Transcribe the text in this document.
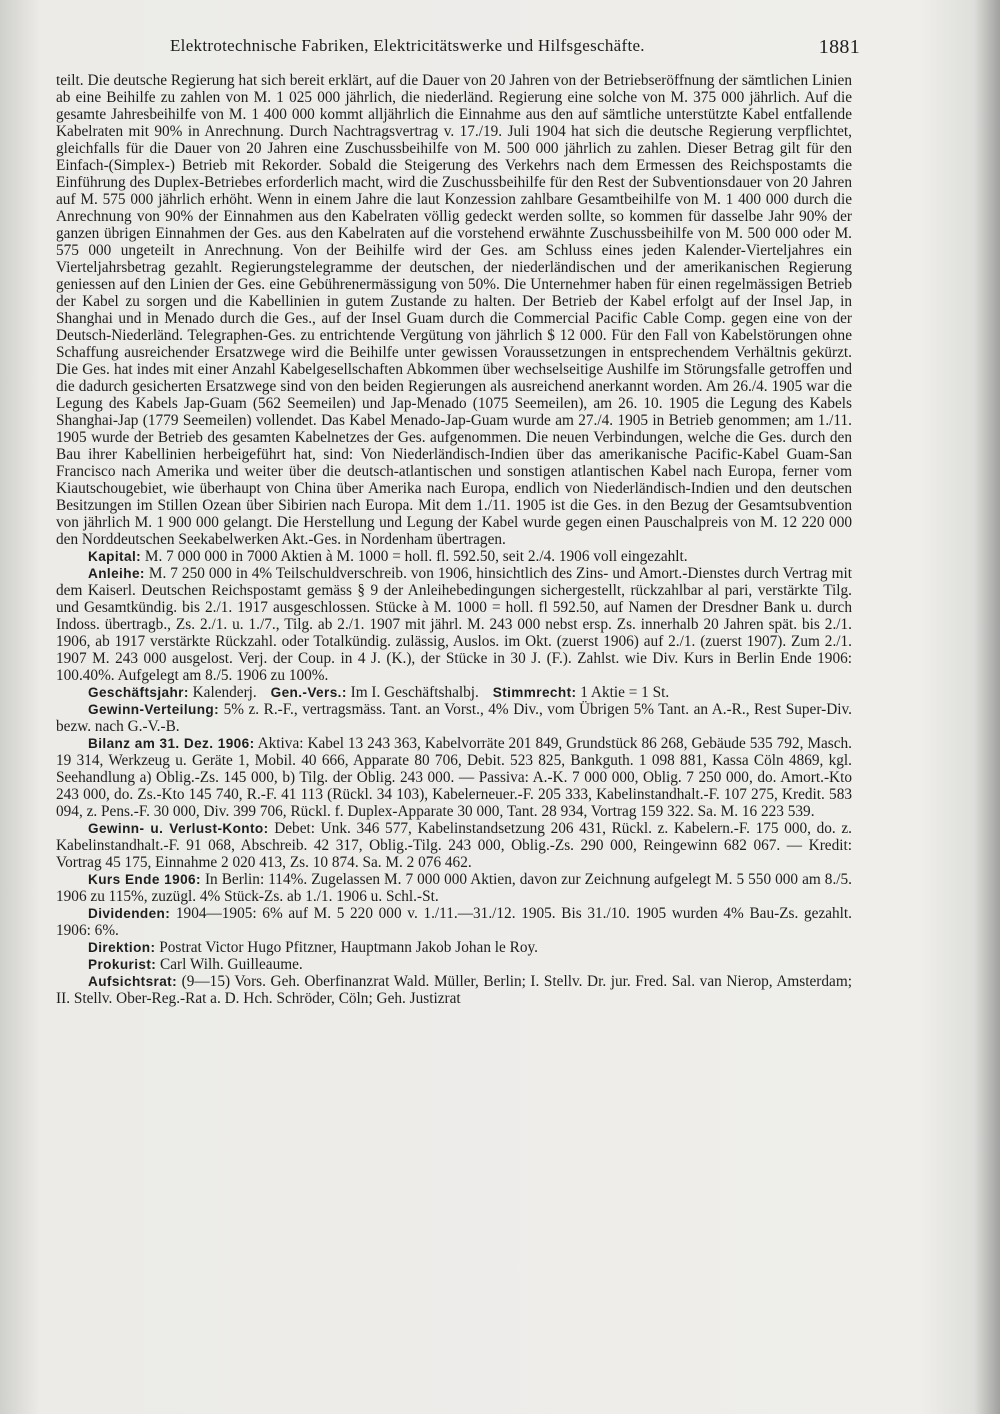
Elektrotechnische Fabriken, Elektricitätswerke und Hilfsgeschäfte.	1881

teilt. Die deutsche Regierung hat sich bereit erklärt, auf die Dauer von 20 Jahren von der Betriebseröffnung der sämtlichen Linien ab eine Beihilfe zu zahlen von M. 1 025 000 jährlich, die niederländ. Regierung eine solche von M. 375 000 jährlich. Auf die gesamte Jahresbeihilfe von M. 1 400 000 kommt alljährlich die Einnahme aus den auf sämtliche unterstützte Kabel entfallende Kabelraten mit 90% in Anrechnung. Durch Nachtragsvertrag v. 17./19. Juli 1904 hat sich die deutsche Regierung verpflichtet, gleichfalls für die Dauer von 20 Jahren eine Zuschussbeihilfe von M. 500 000 jährlich zu zahlen. Dieser Betrag gilt für den Einfach-(Simplex-) Betrieb mit Rekorder. Sobald die Steigerung des Verkehrs nach dem Ermessen des Reichspostamts die Einführung des Duplex-Betriebes erforderlich macht, wird die Zuschussbeihilfe für den Rest der Subventionsdauer von 20 Jahren auf M. 575 000 jährlich erhöht. Wenn in einem Jahre die laut Konzession zahlbare Gesamtbeihilfe von M. 1 400 000 durch die Anrechnung von 90% der Einnahmen aus den Kabelraten völlig gedeckt werden sollte, so kommen für dasselbe Jahr 90% der ganzen übrigen Einnahmen der Ges. aus den Kabelraten auf die vorstehend erwähnte Zuschussbeihilfe von M. 500 000 oder M. 575 000 ungeteilt in Anrechnung. Von der Beihilfe wird der Ges. am Schluss eines jeden Kalender-Vierteljahres ein Vierteljahrsbetrag gezahlt. Regierungstelegramme der deutschen, der niederländischen und der amerikanischen Regierung geniessen auf den Linien der Ges. eine Gebührenermässigung von 50%. Die Unternehmer haben für einen regelmässigen Betrieb der Kabel zu sorgen und die Kabellinien in gutem Zustande zu halten. Der Betrieb der Kabel erfolgt auf der Insel Jap, in Shanghai und in Menado durch die Ges., auf der Insel Guam durch die Commercial Pacific Cable Comp. gegen eine von der Deutsch-Niederländ. Telegraphen-Ges. zu entrichtende Vergütung von jährlich $ 12 000. Für den Fall von Kabelstörungen ohne Schaffung ausreichender Ersatzwege wird die Beihilfe unter gewissen Voraussetzungen in entsprechendem Verhältnis gekürzt. Die Ges. hat indes mit einer Anzahl Kabelgesellschaften Abkommen über wechselseitige Aushilfe im Störungsfalle getroffen und die dadurch gesicherten Ersatzwege sind von den beiden Regierungen als ausreichend anerkannt worden. Am 26./4. 1905 war die Legung des Kabels Jap-Guam (562 Seemeilen) und Jap-Menado (1075 Seemeilen), am 26. 10. 1905 die Legung des Kabels Shanghai-Jap (1779 Seemeilen) vollendet. Das Kabel Menado-Jap-Guam wurde am 27./4. 1905 in Betrieb genommen; am 1./11. 1905 wurde der Betrieb des gesamten Kabelnetzes der Ges. aufgenommen. Die neuen Verbindungen, welche die Ges. durch den Bau ihrer Kabellinien herbeigeführt hat, sind: Von Niederländisch-Indien über das amerikanische Pacific-Kabel Guam-San Francisco nach Amerika und weiter über die deutsch-atlantischen und sonstigen atlantischen Kabel nach Europa, ferner vom Kiautschougebiet, wie überhaupt von China über Amerika nach Europa, endlich von Niederländisch-Indien und den deutschen Besitzungen im Stillen Ozean über Sibirien nach Europa. Mit dem 1./11. 1905 ist die Ges. in den Bezug der Gesamtsubvention von jährlich M. 1 900 000 gelangt. Die Herstellung und Legung der Kabel wurde gegen einen Pauschalpreis von M. 12 220 000 den Norddeutschen Seekabelwerken Akt.-Ges. in Nordenham übertragen.

Kapital: M. 7 000 000 in 7000 Aktien à M. 1000 = holl. fl. 592.50, seit 2./4. 1906 voll eingezahlt.

Anleihe: M. 7 250 000 in 4% Teilschuldverschreib. von 1906, hinsichtlich des Zins- und Amort.-Dienstes durch Vertrag mit dem Kaiserl. Deutschen Reichspostamt gemäss § 9 der Anleihebedingungen sichergestellt, rückzahlbar al pari, verstärkte Tilg. und Gesamtkündig. bis 2./1. 1917 ausgeschlossen. Stücke à M. 1000 = holl. fl 592.50, auf Namen der Dresdner Bank u. durch Indoss. übertragb., Zs. 2./1. u. 1./7., Tilg. ab 2./1. 1907 mit jährl. M. 243 000 nebst ersp. Zs. innerhalb 20 Jahren spät. bis 2./1. 1906, ab 1917 verstärkte Rückzahl. oder Totalkündig. zulässig, Auslos. im Okt. (zuerst 1906) auf 2./1. (zuerst 1907). Zum 2./1. 1907 M. 243 000 ausgelost. Verj. der Coup. in 4 J. (K.), der Stücke in 30 J. (F.). Zahlst. wie Div. Kurs in Berlin Ende 1906: 100.40%. Aufgelegt am 8./5. 1906 zu 100%.

Geschäftsjahr: Kalenderj. Gen.-Vers.: Im I. Geschäftshalbj. Stimmrecht: 1 Aktie = 1 St.

Gewinn-Verteilung: 5% z. R.-F., vertragsmäss. Tant. an Vorst., 4% Div., vom Übrigen 5% Tant. an A.-R., Rest Super-Div. bezw. nach G.-V.-B.

Bilanz am 31. Dez. 1906: Aktiva: Kabel 13 243 363, Kabelvorräte 201 849, Grundstück 86 268, Gebäude 535 792, Masch. 19 314, Werkzeug u. Geräte 1, Mobil. 40 666, Apparate 80 706, Debit. 523 825, Bankguth. 1 098 881, Kassa Cöln 4869, kgl. Seehandlung a) Oblig.-Zs. 145 000, b) Tilg. der Oblig. 243 000. — Passiva: A.-K. 7 000 000, Oblig. 7 250 000, do. Amort.-Kto 243 000, do. Zs.-Kto 145 740, R.-F. 41 113 (Rückl. 34 103), Kabelerneuer.-F. 205 333, Kabelinstandhalt.-F. 107 275, Kredit. 583 094, z. Pens.-F. 30 000, Div. 399 706, Rückl. f. Duplex-Apparate 30 000, Tant. 28 934, Vortrag 159 322. Sa. M. 16 223 539.

Gewinn- u. Verlust-Konto: Debet: Unk. 346 577, Kabelinstandsetzung 206 431, Rückl. z. Kabelern.-F. 175 000, do. z. Kabelinstandhalt.-F. 91 068, Abschreib. 42 317, Oblig.-Tilg. 243 000, Oblig.-Zs. 290 000, Reingewinn 682 067. — Kredit: Vortrag 45 175, Einnahme 2 020 413, Zs. 10 874. Sa. M. 2 076 462.

Kurs Ende 1906: In Berlin: 114%. Zugelassen M. 7 000 000 Aktien, davon zur Zeichnung aufgelegt M. 5 550 000 am 8./5. 1906 zu 115%, zuzügl. 4% Stück-Zs. ab 1./1. 1906 u. Schl.-St.

Dividenden: 1904—1905: 6% auf M. 5 220 000 v. 1./11.—31./12. 1905. Bis 31./10. 1905 wurden 4% Bau-Zs. gezahlt. 1906: 6%.

Direktion: Postrat Victor Hugo Pfitzner, Hauptmann Jakob Johan le Roy.

Prokurist: Carl Wilh. Guilleaume.

Aufsichtsrat: (9—15) Vors. Geh. Oberfinanzrat Wald. Müller, Berlin; I. Stellv. Dr. jur. Fred. Sal. van Nierop, Amsterdam; II. Stellv. Ober-Reg.-Rat a. D. Hch. Schröder, Cöln; Geh. Justizrat
